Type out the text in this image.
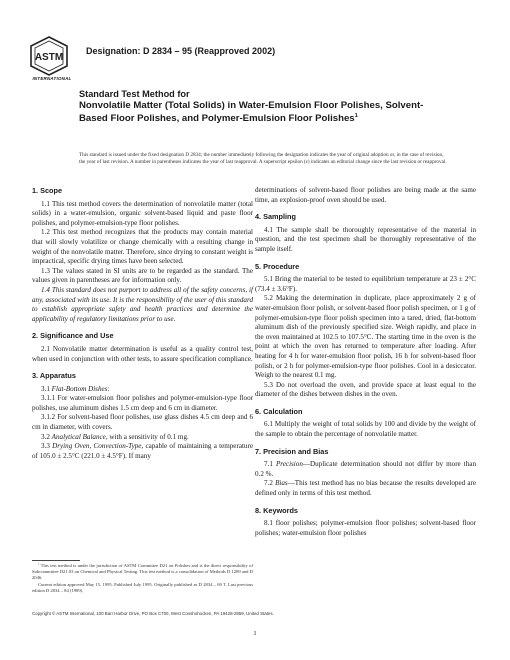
ASTM
INTERNATIONAL
Designation: D 2834 – 95 (Reapproved 2002)
Standard Test Method for
Nonvolatile Matter (Total Solids) in Water-Emulsion Floor Polishes, Solvent-Based Floor Polishes, and Polymer-Emulsion Floor Polishes$^1$
This standard is issued under the fixed designation D 2834; the number immediately following the designation indicates the year of original adoption or, in the case of revision, the year of last revision. A number in parentheses indicates the year of last reapproval. A superscript epsilon (ε) indicates an editorial change since the last revision or reapproval.
1. Scope

1.1 This test method covers the determination of nonvolatile matter (total solids) in a water-emulsion, organic solvent-based liquid and paste floor polishes, and polymer-emulsion-type floor polishes.

1.2 This test method recognizes that the products may contain material that will slowly volatilize or change chemically with a resulting change in weight of the nonvolatile matter. Therefore, since drying to constant weight is impractical, specific drying times have been selected.

1.3 The values stated in SI units are to be regarded as the standard. The values given in parentheses are for information only.

1.4 This standard does not purport to address all of the safety concerns, if any, associated with its use. It is the responsibility of the user of this standard to establish appropriate safety and health practices and determine the applicability of regulatory limitations prior to use.

2. Significance and Use

2.1 Nonvolatile matter determination is useful as a quality control test, when used in conjunction with other tests, to assure specification compliance.

3. Apparatus

3.1 Flat-Bottom Dishes:

3.1.1 For water-emulsion floor polishes and polymer-emulsion-type floor polishes, use aluminum dishes 1.5 cm deep and 6 cm in diameter.

3.1.2 For solvent-based floor polishes, use glass dishes 4.5 cm deep and 6 cm in diameter, with covers.

3.2 Analytical Balance, with a sensitivity of 0.1 mg.

3.3 Drying Oven, Convection-Type, capable of maintaining a temperature of 105.0 ± 2.5°C (221.0 ± 4.5°F). If many

determinations of solvent-based floor polishes are being made at the same time, an explosion-proof oven should be used.

4. Sampling

4.1 The sample shall be thoroughly representative of the material in question, and the test specimen shall be thoroughly representative of the sample itself.

5. Procedure

5.1 Bring the material to be tested to equilibrium temperature at 23 ± 2°C (73.4 ± 3.6°F).

5.2 Making the determination in duplicate, place approximately 2 g of water-emulsion floor polish, or solvent-based floor polish specimen, or 1 g of polymer-emulsion-type floor polish specimen into a tared, dried, flat-bottom aluminum dish of the previously specified size. Weigh rapidly, and place in the oven maintained at 102.5 to 107.5°C. The starting time in the oven is the point at which the oven has returned to temperature after loading. After heating for 4 h for water-emulsion floor polish, 16 h for solvent-based floor polish, or 2 h for polymer-emulsion-type floor polishes. Cool in a desiccator. Weigh to the nearest 0.1 mg.

5.3 Do not overload the oven, and provide space at least equal to the diameter of the dishes between dishes in the oven.

6. Calculation

6.1 Multiply the weight of total solids by 100 and divide by the weight of the sample to obtain the percentage of nonvolatile matter.

7. Precision and Bias

7.1 Precision—Duplicate determination should not differ by more than 0.2 %.

7.2 Bias—This test method has no bias because the results developed are defined only in terms of this test method.

8. Keywords

8.1 floor polishes; polymer-emulsion floor polishes; solvent-based floor polishes; water-emulsion floor polishes

$^1$ This test method is under the jurisdiction of ASTM Committee D21 on Polishes and is the direct responsibility of Subcommittee D21.03 on Chemical and Physical Testing. This test method is a consolidation of Methods D 1289 and D 2046.

Current edition approved May 15, 1995. Published July 1995. Originally published as D 2834 – 69 T. Last previous edition D 2834 – 84 (1989).

Copyright © ASTM International, 100 Barr Harbor Drive, PO Box C700, West Conshohocken, PA 19428-2959, United States.
1
